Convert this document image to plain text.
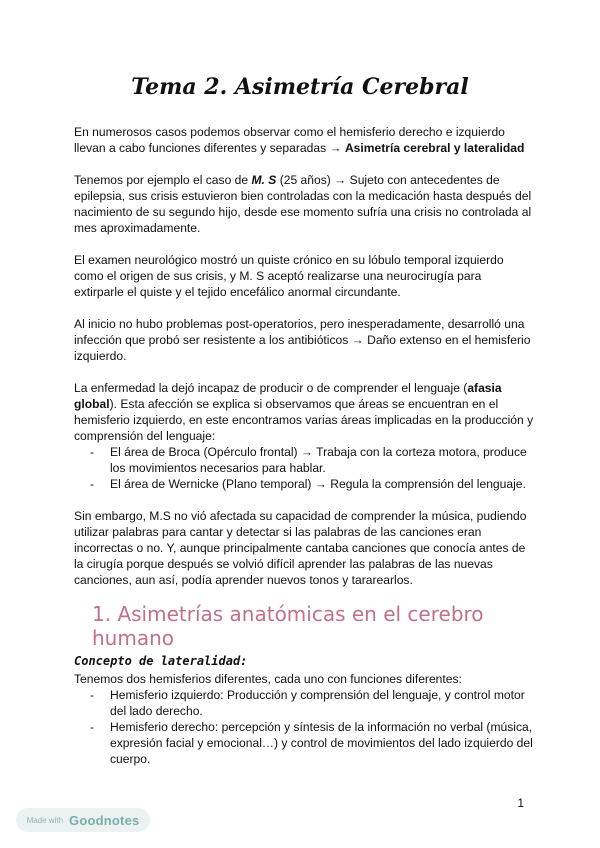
Tema 2. Asimetría Cerebral

En numerosos casos podemos observar como el hemisferio derecho e izquierdo llevan a cabo funciones diferentes y separadas → Asimetría cerebral y lateralidad

Tenemos por ejemplo el caso de M. S (25 años) → Sujeto con antecedentes de epilepsia, sus crisis estuvieron bien controladas con la medicación hasta después del nacimiento de su segundo hijo, desde ese momento sufría una crisis no controlada al mes aproximadamente.

El examen neurológico mostró un quiste crónico en su lóbulo temporal izquierdo como el origen de sus crisis, y M. S aceptó realizarse una neurocirugía para extirparle el quiste y el tejido encefálico anormal circundante.

Al inicio no hubo problemas post-operatorios, pero inesperadamente, desarrolló una infección que probó ser resistente a los antibióticos → Daño extenso en el hemisferio izquierdo.

La enfermedad la dejó incapaz de producir o de comprender el lenguaje (afasia global). Esta afección se explica si observamos que áreas se encuentran en el hemisferio izquierdo, en este encontramos varias áreas implicadas en la producción y comprensión del lenguaje:

- El área de Broca (Opérculo frontal) → Trabaja con la corteza motora, produce los movimientos necesarios para hablar.
- El área de Wernicke (Plano temporal) → Regula la comprensión del lenguaje.

Sin embargo, M.S no vió afectada su capacidad de comprender la música, pudiendo utilizar palabras para cantar y detectar si las palabras de las canciones eran incorrectas o no. Y, aunque principalmente cantaba canciones que conocía antes de la cirugía porque después se volvió difícil aprender las palabras de las nuevas canciones, aun así, podía aprender nuevos tonos y tararearlos.

1. Asimetrías anatómicas en el cerebro humano
Concepto de lateralidad:

Tenemos dos hemisferios diferentes, cada uno con funciones diferentes:

- Hemisferio izquierdo: Producción y comprensión del lenguaje, y control motor del lado derecho.
- Hemisferio derecho: percepción y síntesis de la información no verbal (música, expresión facial y emocional…) y control de movimientos del lado izquierdo del cuerpo.
1
Made with Goodnotes
